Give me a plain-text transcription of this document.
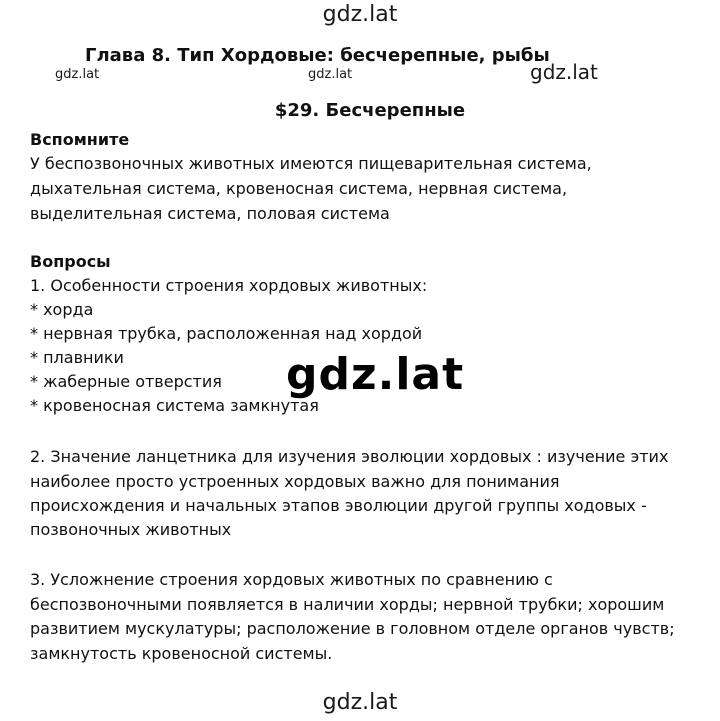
gdz.lat
Глава 8. Тип Хордовые: бесчерепные, рыбы
gdz.lat	gdz.lat	gdz.lat
$29. Бесчерепные
Вспомните
У беспозвоночных животных имеются пищеварительная система,
дыхательная система, кровеносная система, нервная система,
выделительная система, половая система
Вопросы
1. Особенности строения хордовых животных:
* хорда
* нервная трубка, расположенная над хордой
* плавники
* жаберные отверстия
* кровеносная система замкнутая
gdz.lat
2. Значение ланцетника для изучения эволюции хордовых : изучение этих
наиболее просто устроенных хордовых важно для понимания
происхождения и начальных этапов эволюции другой группы ходовых -
позвоночных животных
3. Усложнение строения хордовых животных по сравнению с
беспозвоночными появляется в наличии хорды; нервной трубки; хорошим
развитием мускулатуры; расположение в головном отделе органов чувств;
замкнутость кровеносной системы.
gdz.lat
